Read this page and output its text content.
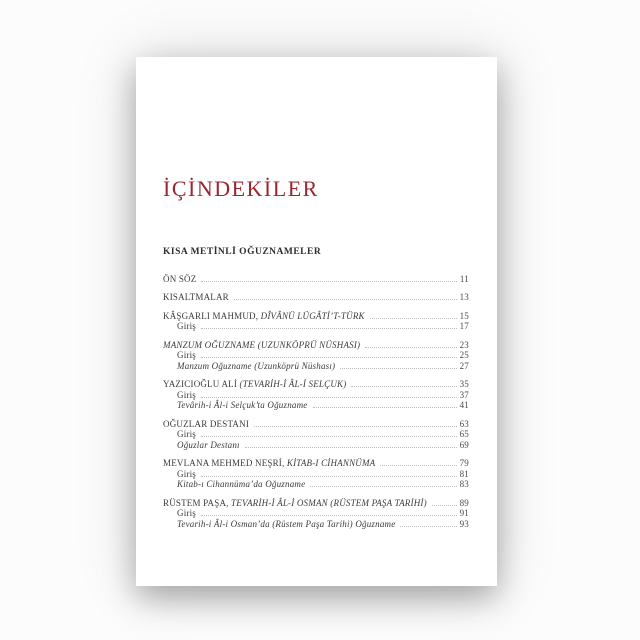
İÇİNDEKİLER
KISA METİNLİ OĞUZNAMELER
ÖN SÖZ	11
KISALTMALAR	13
KÂŞGARLI MAHMUD, DÎVÂNÜ LÜGÂTİ’T-TÜRK	15
Giriş	17
MANZUM OĞUZNAME (UZUNKÖPRÜ NÜSHASI)	23
Giriş	25
Manzum Oğuzname (Uzunköprü Nüshası)	27
YAZICIOĞLU ALİ (TEVARİH-İ ÂL-İ SELÇUK)	35
Giriş	37
Tevârih-i Âl-i Selçuk’ta Oğuzname	41
OĞUZLAR DESTANI	63
Giriş	65
Oğuzlar Destanı	69
MEVLANA MEHMED NEŞRİ, KİTAB-I CİHANNÜMA	79
Giriş	81
Kitab-ı Cihannüma’da Oğuzname	83
RÜSTEM PAŞA, TEVARİH-İ ÂL-İ OSMAN (RÜSTEM PAŞA TARİHİ)	89
Giriş	91
Tevarih-i Âl-i Osman’da (Rüstem Paşa Tarihi) Oğuzname	93
